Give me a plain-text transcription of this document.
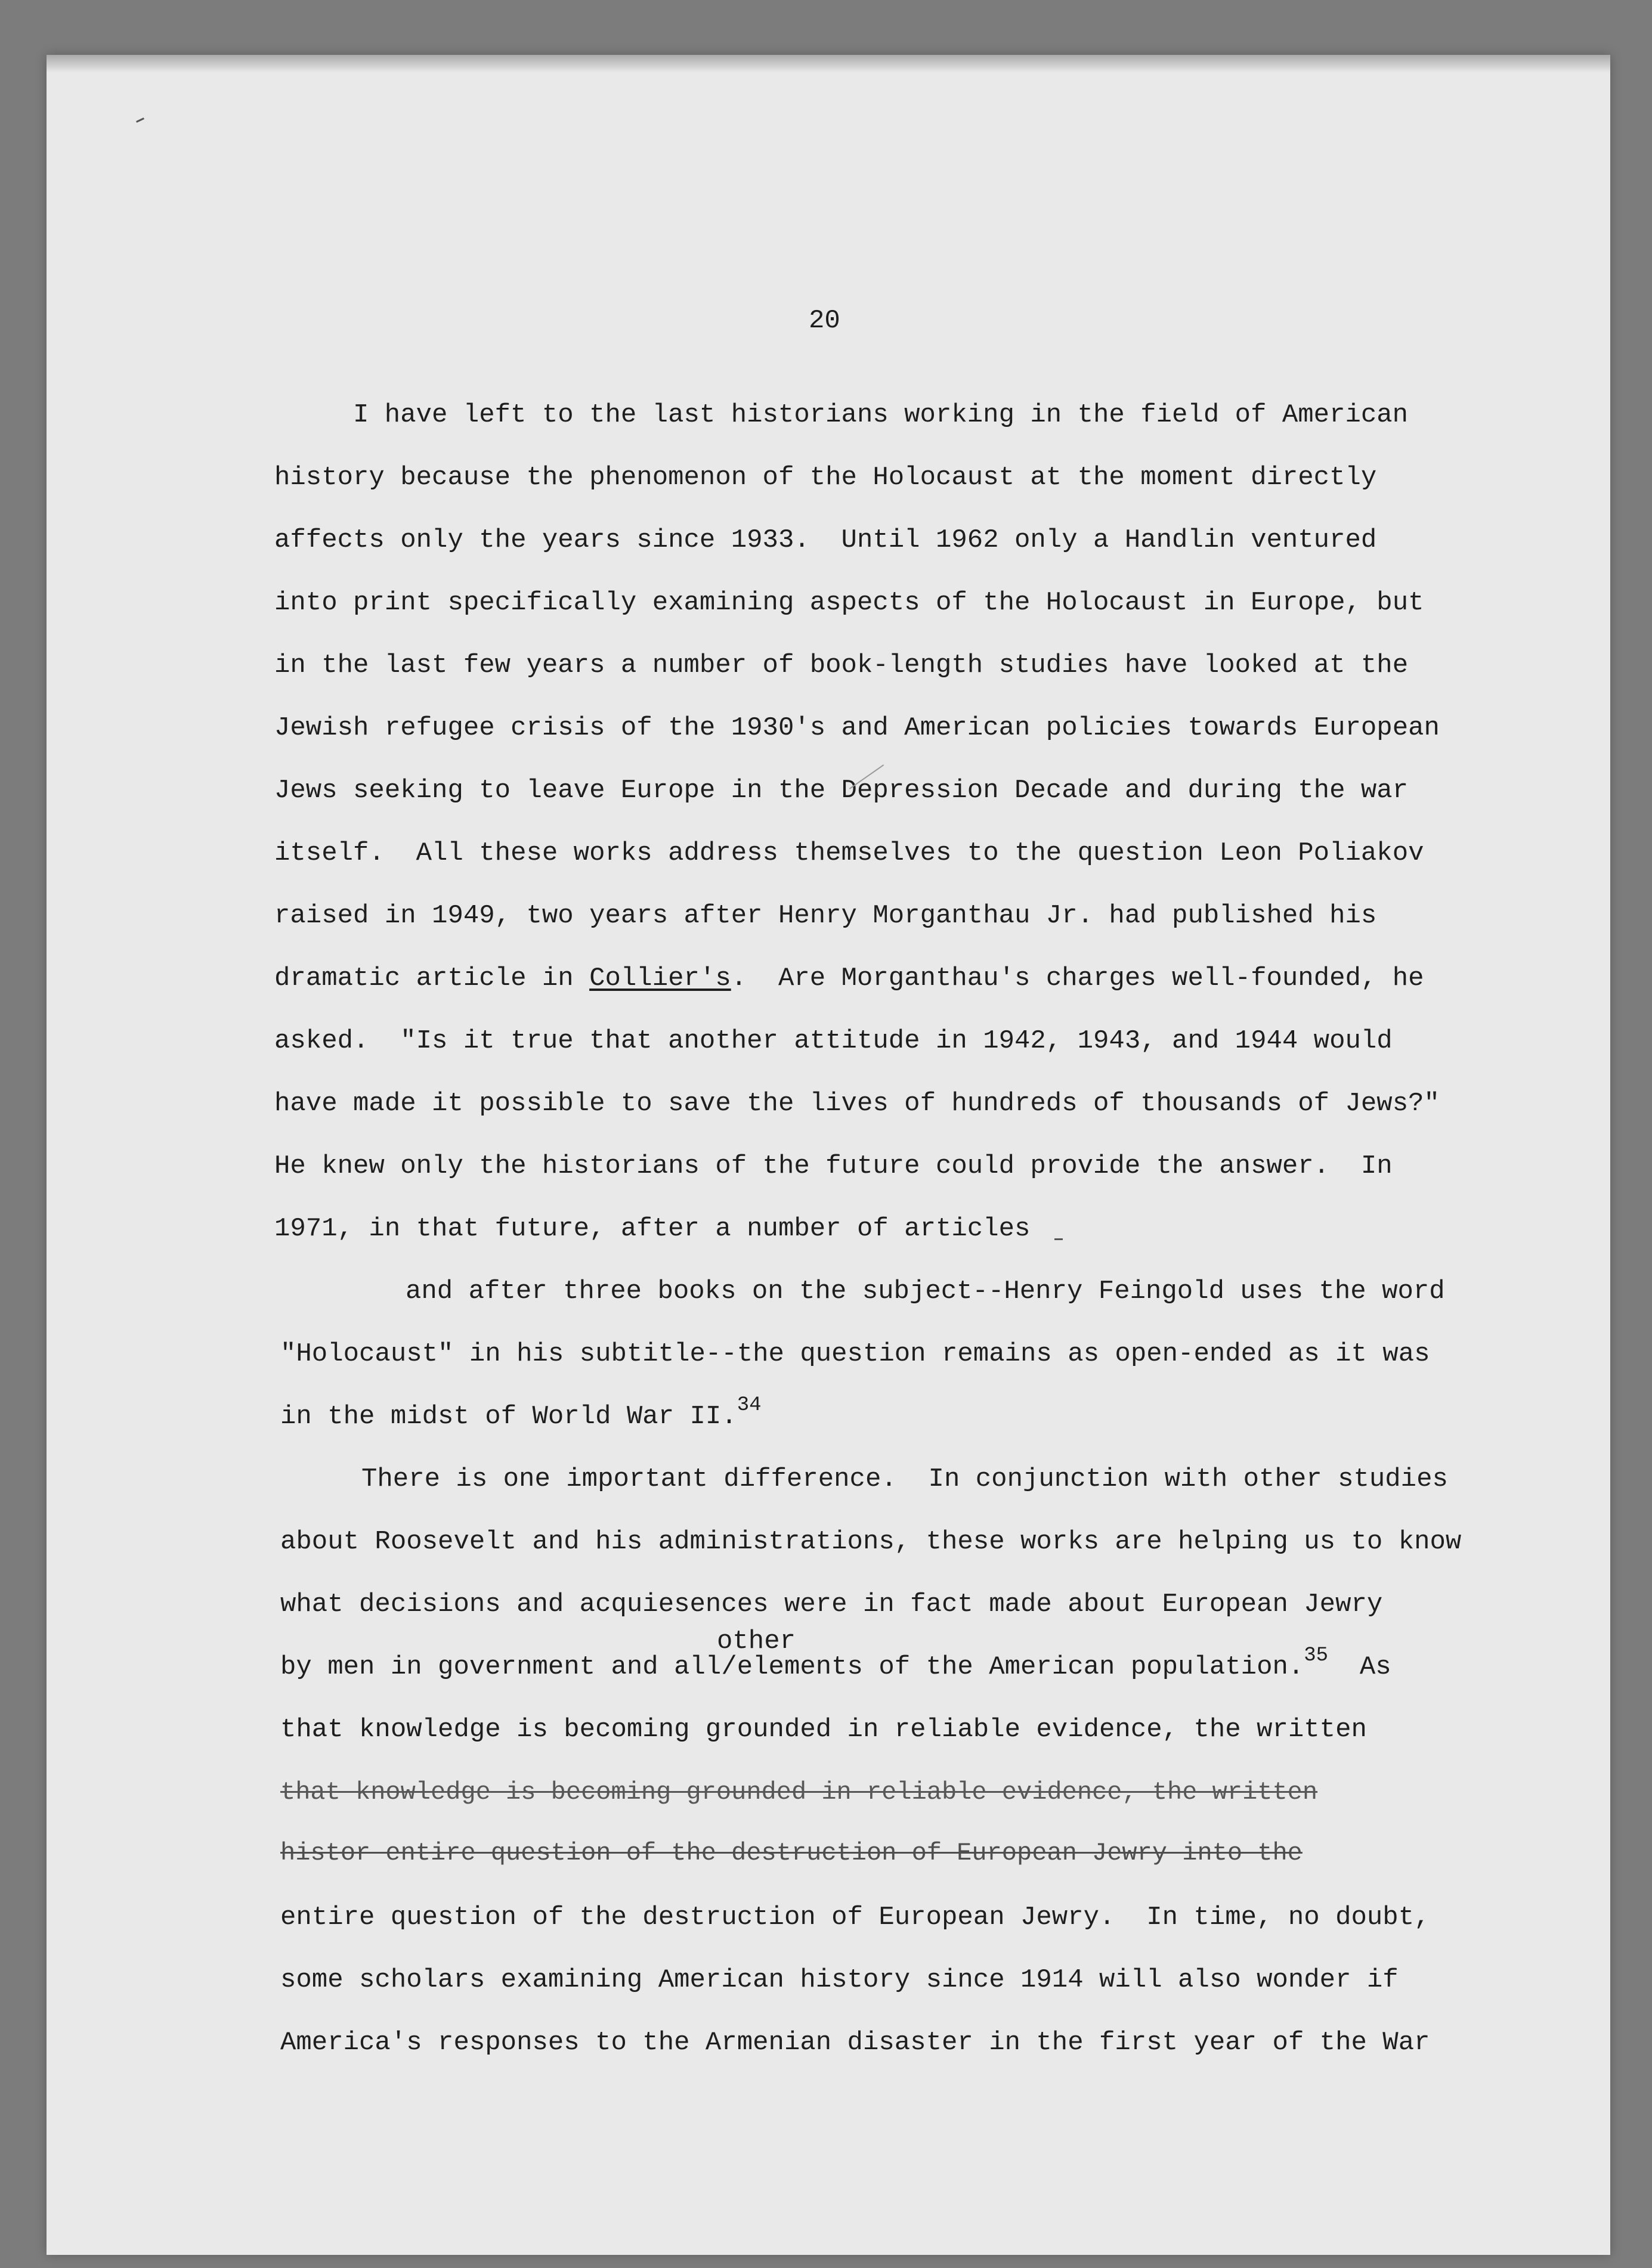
20
I have left to the last historians working in the field of American
history because the phenomenon of the Holocaust at the moment directly
affects only the years since 1933.  Until 1962 only a Handlin ventured
into print specifically examining aspects of the Holocaust in Europe, but
in the last few years a number of book-length studies have looked at the
Jewish refugee crisis of the 1930's and American policies towards European
Jews seeking to leave Europe in the Depression Decade and during the war
itself.  All these works address themselves to the question Leon Poliakov
raised in 1949, two years after Henry Morganthau Jr. had published his
dramatic article in Collier's.  Are Morganthau's charges well-founded, he
asked.  "Is it true that another attitude in 1942, 1943, and 1944 would
have made it possible to save the lives of hundreds of thousands of Jews?"
He knew only the historians of the future could provide the answer.  In
1971, in that future, after a number of articles
and after three books on the subject--Henry Feingold uses the word
"Holocaust" in his subtitle--the question remains as open-ended as it was
in the midst of World War II.$^{34}$
There is one important difference.  In conjunction with other studies
about Roosevelt and his administrations, these works are helping us to know
what decisions and acquiesences were in fact made about European Jewry
other
by men in government and all/elements of the American population.$^{35}$  As
that knowledge is becoming grounded in reliable evidence, the written
that knowledge is becoming grounded in reliable evidence, the written
histor entire question of the destruction of European Jewry into the
entire question of the destruction of European Jewry.  In time, no doubt,
some scholars examining American history since 1914 will also wonder if
America's responses to the Armenian disaster in the first year of the War
